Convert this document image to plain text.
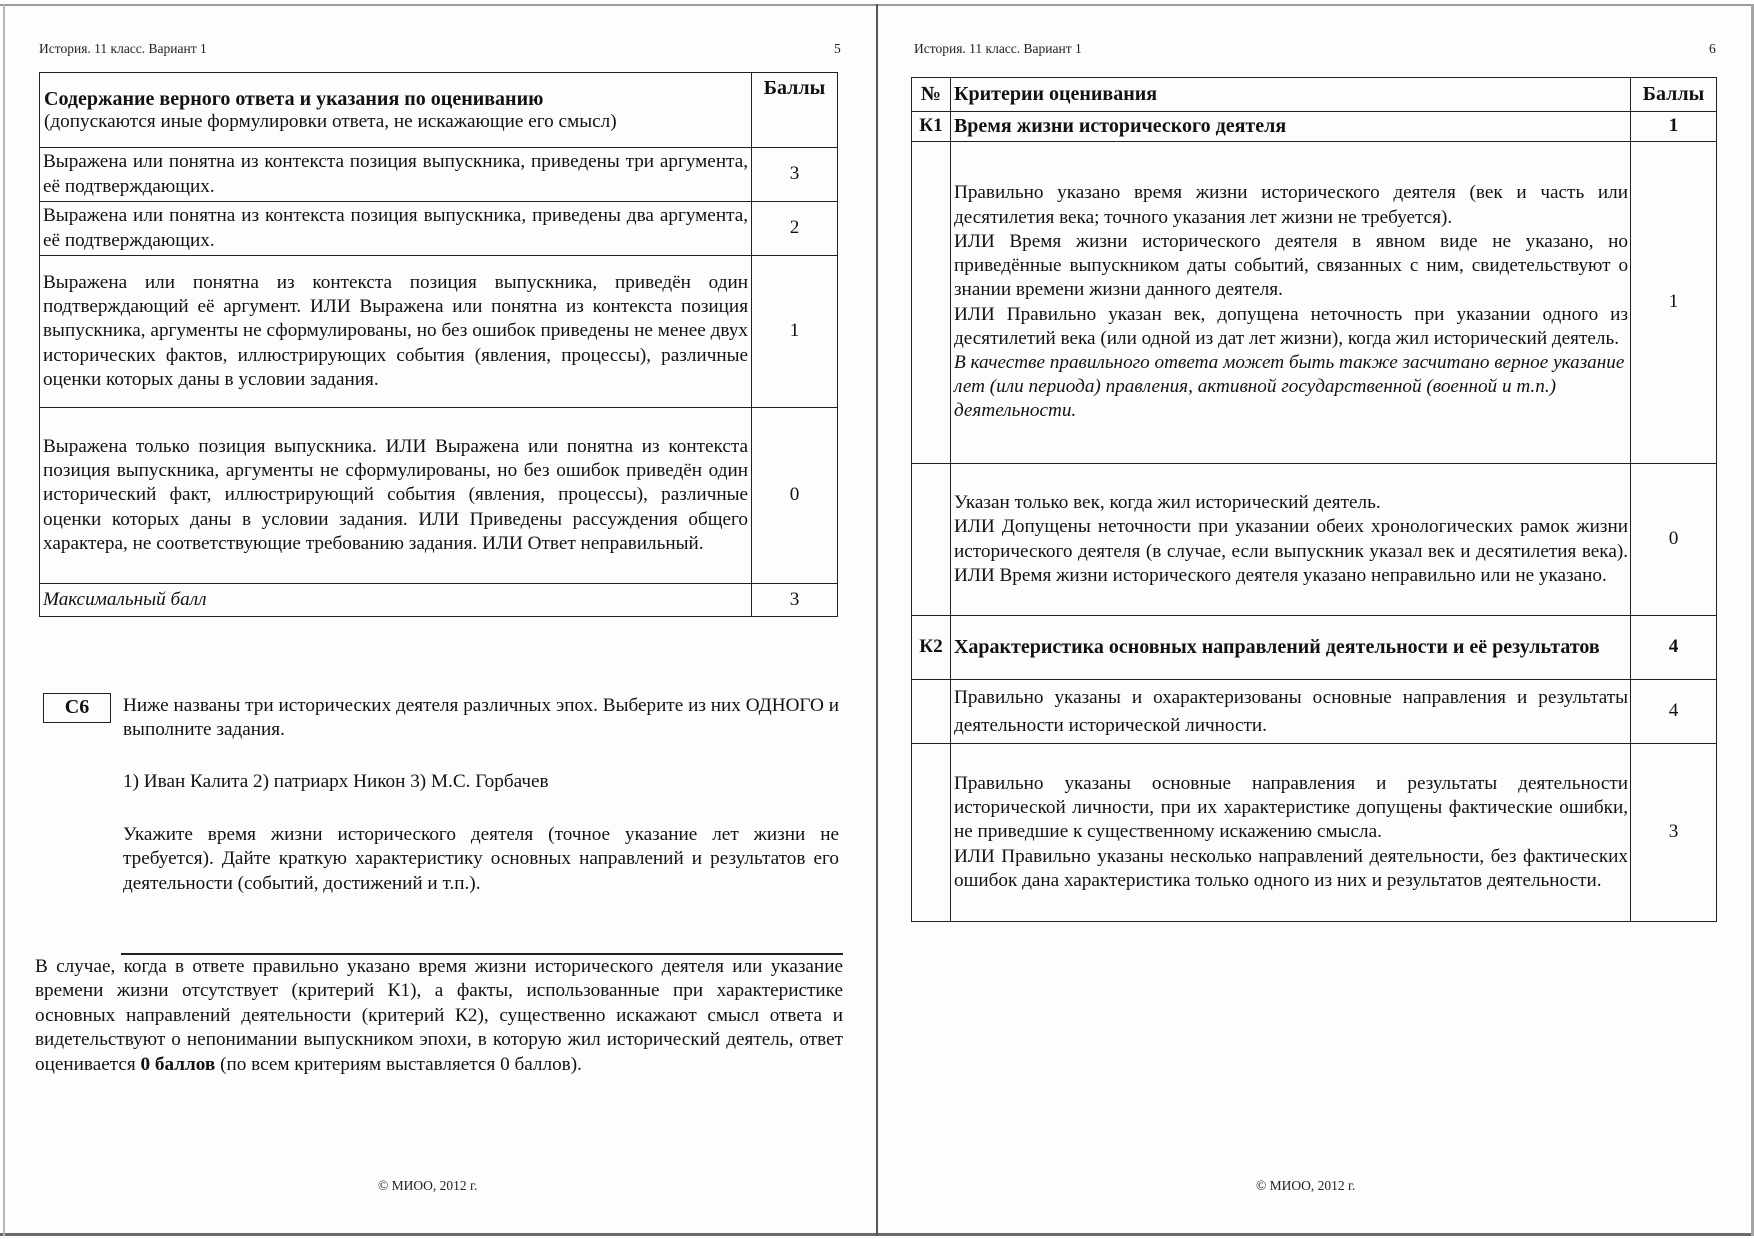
История. 11 класс. Вариант 1	5
Содержание верного ответа и указания по оцениванию
(допускаются иные формулировки ответа, не искажающие его смысл)	Баллы
Выражена или понятна из контекста позиция выпускника, приведены три аргумента, её подтверждающих.	3
Выражена или понятна из контекста позиция выпускника, приведены два аргумента, её подтверждающих.	2
Выражена или понятна из контекста позиция выпускника, приведён один подтверждающий её аргумент. ИЛИ Выражена или понятна из контекста позиция выпускника, аргументы не сформулированы, но без ошибок приведены не менее двух исторических фактов, иллюстрирующих события (явления, процессы), различные оценки которых даны в условии задания.	1
Выражена только позиция выпускника. ИЛИ Выражена или понятна из контекста позиция выпускника, аргументы не сформулированы, но без ошибок приведён один исторический факт, иллюстрирующий события (явления, процессы), различные оценки которых даны в условии задания. ИЛИ Приведены рассуждения общего характера, не соответствующие требованию задания. ИЛИ Ответ неправильный.	0
Максимальный балл	3
С6	Ниже названы три исторических деятеля различных эпох. Выберите из них ОДНОГО и выполните задания.
1) Иван Калита 2) патриарх Никон 3) М.С. Горбачев
Укажите время жизни исторического деятеля (точное указание лет жизни не требуется). Дайте краткую характеристику основных направлений и результатов его деятельности (событий, достижений и т.п.).
В случае, когда в ответе правильно указано время жизни исторического деятеля или указание времени жизни отсутствует (критерий К1), а факты, использованные при характеристике основных направлений деятельности (критерий К2), существенно искажают смысл ответа и видетельствуют о непонимании выпускником эпохи, в которую жил исторический деятель, ответ оценивается 0 баллов (по всем критериям выставляется 0 баллов).
© МИОО, 2012 г.
История. 11 класс. Вариант 1	6
№	Критерии оценивания	Баллы
К1	Время жизни исторического деятеля	1

	Правильно указано время жизни исторического деятеля (век и часть или десятилетия века; точного указания лет жизни не требуется).

ИЛИ Время жизни исторического деятеля в явном виде не указано, но приведённые выпускником даты событий, связанных с ним, свидетельствуют о знании времени жизни данного деятеля.

ИЛИ Правильно указан век, допущена неточность при указании одного из десятилетий века (или одной из дат лет жизни), когда жил исторический деятель.

В качестве правильного ответа может быть также засчитано верное указание лет (или периода) правления, активной государственной (военной и т.п.) деятельности.	1

	Указан только век, когда жил исторический деятель.

ИЛИ Допущены неточности при указании обеих хронологических рамок жизни исторического деятеля (в случае, если выпускник указал век и десятилетия века). ИЛИ Время жизни исторического деятеля указано неправильно или не указано.	0
К2	Характеристика основных направлений деятельности и её результатов	4

	Правильно указаны и охарактеризованы основные направления и результаты деятельности исторической личности.	4

	Правильно указаны основные направления и результаты деятельности исторической личности, при их характеристике допущены фактические ошибки, не приведшие к существенному искажению смысла.

ИЛИ Правильно указаны несколько направлений деятельности, без фактических ошибок дана характеристика только одного из них и результатов деятельности.	3
© МИОО, 2012 г.
